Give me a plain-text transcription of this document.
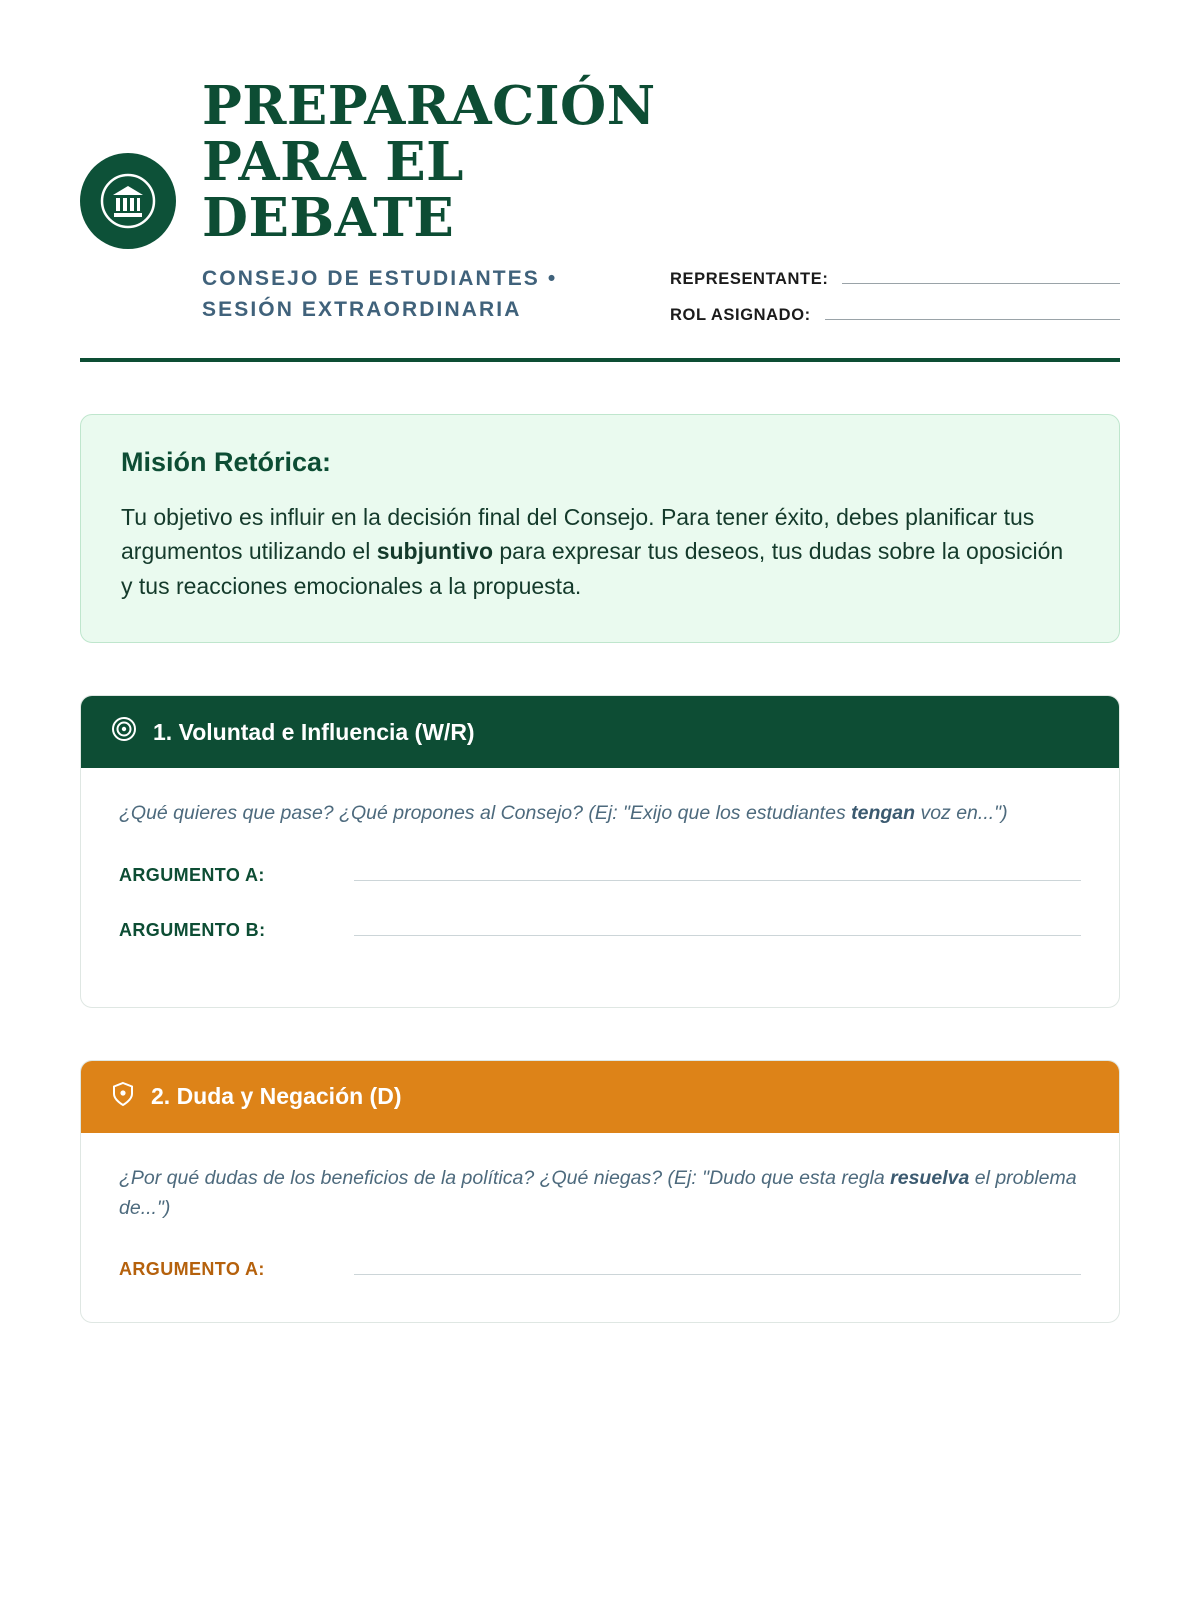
PREPARACIÓN PARA EL DEBATE
CONSEJO DE ESTUDIANTES • SESIÓN EXTRAORDINARIA
REPRESENTANTE:
ROL ASIGNADO:
Misión Retórica:

Tu objetivo es influir en la decisión final del Consejo. Para tener éxito, debes planificar tus argumentos utilizando el subjuntivo para expresar tus deseos, tus dudas sobre la oposición y tus reacciones emocionales a la propuesta.

1. Voluntad e Influencia (W/R)

¿Qué quieres que pase? ¿Qué propones al Consejo? (Ej: "Exijo que los estudiantes tengan voz en...")

ARGUMENTO A:
ARGUMENTO B:
2. Duda y Negación (D)

¿Por qué dudas de los beneficios de la política? ¿Qué niegas? (Ej: "Dudo que esta regla resuelva el problema de...")

ARGUMENTO A:
